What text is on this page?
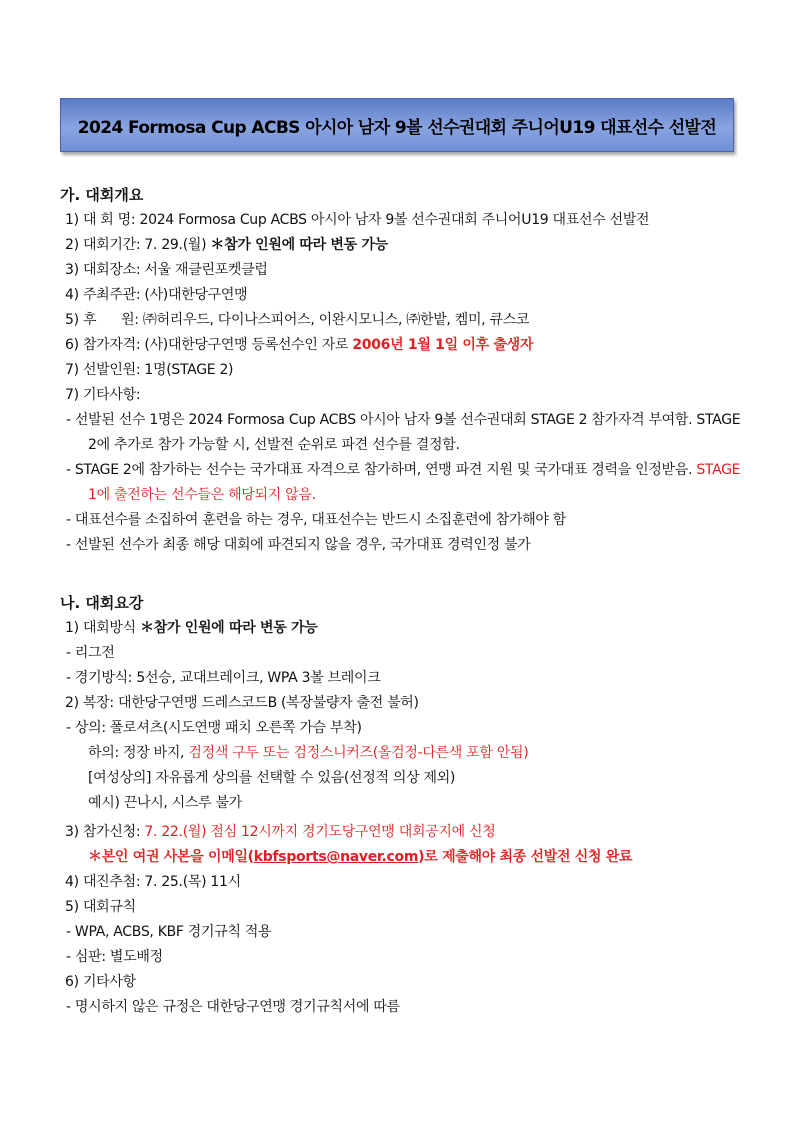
2024 Formosa Cup ACBS 아시아 남자 9볼 선수권대회 주니어U19 대표선수 선발전
가. 대회개요
1) 대 회 명: 2024 Formosa Cup ACBS 아시아 남자 9볼 선수권대회 주니어U19 대표선수 선발전
2) 대회기간: 7. 29.(월) ＊참가 인원에 따라 변동 가능
3) 대회장소: 서울 재클린포켓클럽
4) 주최주관: (사)대한당구연맹
5) 후      원: ㈜허리우드, 다이나스피어스, 이완시모니스, ㈜한밭, 켐미, 큐스코
6) 참가자격: (사)대한당구연맹 등록선수인 자로 2006년 1월 1일 이후 출생자
7) 선발인원: 1명(STAGE 2)
7) 기타사항:
- 선발된 선수 1명은 2024 Formosa Cup ACBS 아시아 남자 9볼 선수권대회 STAGE 2 참가자격 부여함. STAGE 2에 추가로 참가 가능할 시, 선발전 순위로 파견 선수를 결정함.
- STAGE 2에 참가하는 선수는 국가대표 자격으로 참가하며, 연맹 파견 지원 및 국가대표 경력을 인정받음. STAGE 1에 출전하는 선수들은 해당되지 않음.
- 대표선수를 소집하여 훈련을 하는 경우, 대표선수는 반드시 소집훈련에 참가해야 함
- 선발된 선수가 최종 해당 대회에 파견되지 않을 경우, 국가대표 경력인정 불가
나. 대회요강
1) 대회방식 ＊참가 인원에 따라 변동 가능
- 리그전
- 경기방식: 5선승, 교대브레이크, WPA 3볼 브레이크
2) 복장: 대한당구연맹 드레스코드B (복장불량자 출전 불허)
- 상의: 폴로셔츠(시도연맹 패치 오른쪽 가슴 부착)
하의: 정장 바지, 검정색 구두 또는 검정스니커즈(올검정-다른색 포함 안됨)
[여성상의] 자유롭게 상의를 선택할 수 있음(선정적 의상 제외)
예시) 끈나시, 시스루 불가
3) 참가신청: 7. 22.(월) 점심 12시까지 경기도당구연맹 대회공지에 신청
＊본인 여권 사본을 이메일(kbfsports@naver.com)로 제출해야 최종 선발전 신청 완료
4) 대진추첨: 7. 25.(목) 11시
5) 대회규칙
- WPA, ACBS, KBF 경기규칙 적용
- 심판: 별도배정
6) 기타사항
- 명시하지 않은 규정은 대한당구연맹 경기규칙서에 따름
